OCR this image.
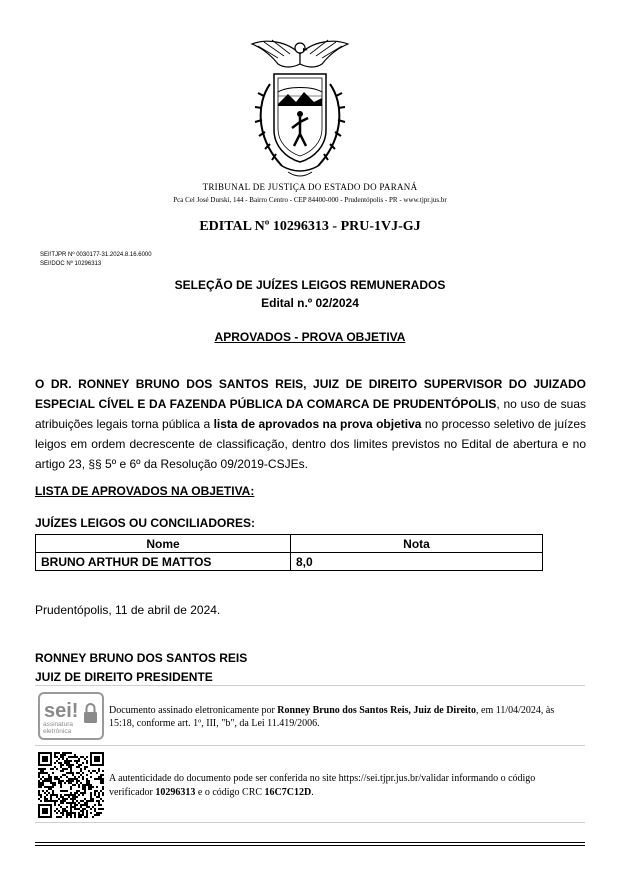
TRIBUNAL DE JUSTIÇA DO ESTADO DO PARANÁ
Pca Cel José Durski, 144 - Bairro Centro - CEP 84400-000 - Prudentópolis - PR - www.tjpr.jus.br
EDITAL Nº 10296313 - PRU-1VJ-GJ
SEI!TJPR Nº 0030177-31.2024.8.16.6000
SEI!DOC Nº 10296313
SELEÇÃO DE JUÍZES LEIGOS REMUNERADOS
Edital n.º 02/2024
APROVADOS - PROVA OBJETIVA
O DR. RONNEY BRUNO DOS SANTOS REIS, JUIZ DE DIREITO SUPERVISOR DO JUIZADO ESPECIAL CÍVEL E DA FAZENDA PÚBLICA DA COMARCA DE PRUDENTÓPOLIS, no uso de suas atribuições legais torna pública a lista de aprovados na prova objetiva no processo seletivo de juízes leigos em ordem decrescente de classificação, dentro dos limites previstos no Edital de abertura e no artigo 23, §§ 5º e 6º da Resolução 09/2019-CSJEs.
LISTA DE APROVADOS NA OBJETIVA:
JUÍZES LEIGOS OU CONCILIADORES:
Nome	Nota
BRUNO ARTHUR DE MATTOS	8,0
Prudentópolis, 11 de abril de 2024.
RONNEY BRUNO DOS SANTOS REIS
JUIZ DE DIREITO PRESIDENTE
sei!
assinatura
eletrônica
Documento assinado eletronicamente por Ronney Bruno dos Santos Reis, Juiz de Direito, em 11/04/2024, às 15:18, conforme art. 1º, III, "b", da Lei 11.419/2006.
A autenticidade do documento pode ser conferida no site https://sei.tjpr.jus.br/validar informando o código verificador 10296313 e o código CRC 16C7C12D.
